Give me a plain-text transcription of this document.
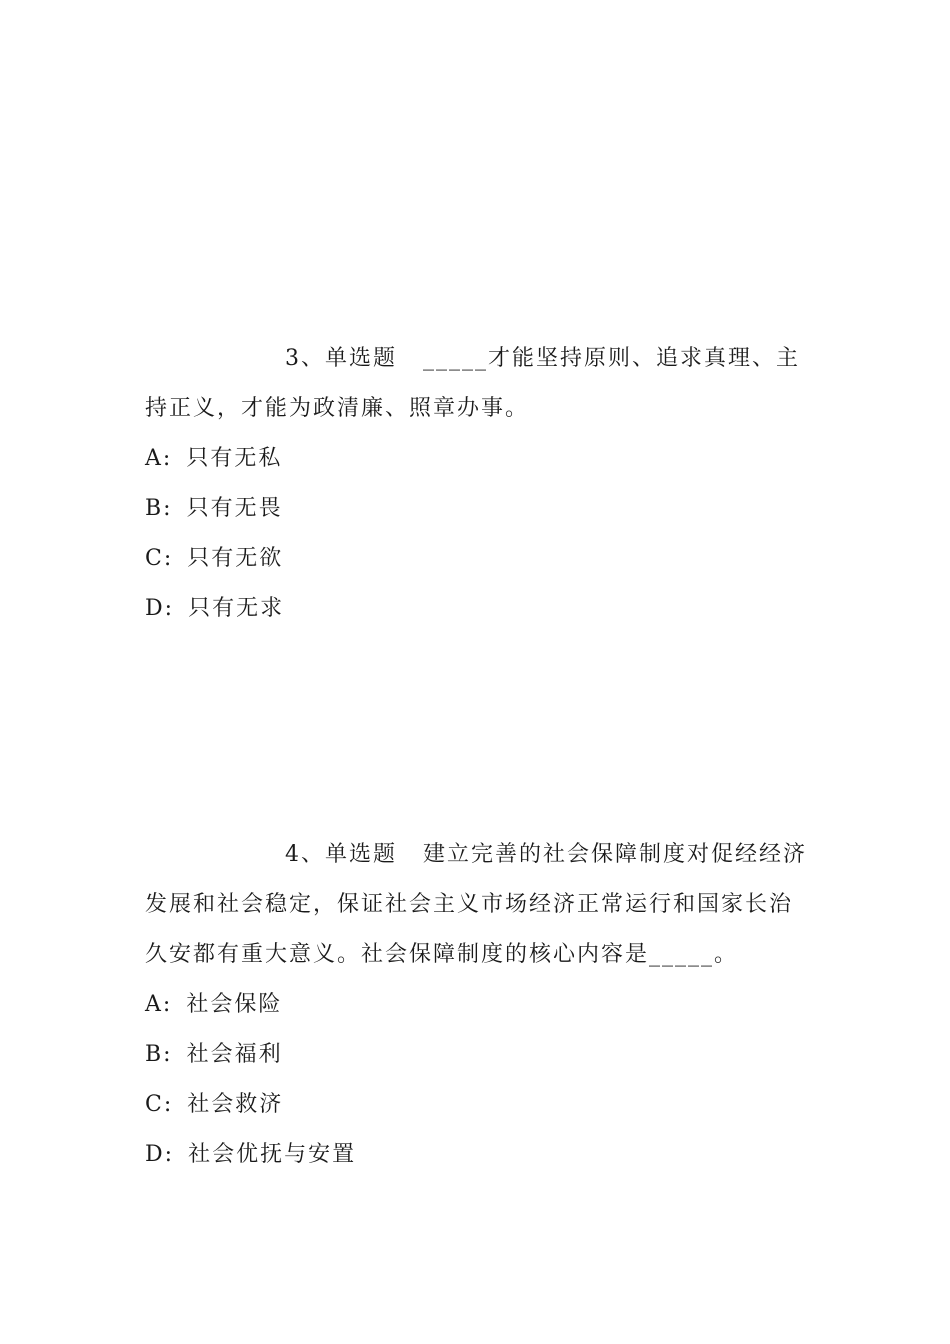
3、单选题 _____才能坚持原则、追求真理、主持正义，才能为政清廉、照章办事。

A: 只有无私
B: 只有无畏
C: 只有无欲
D: 只有无求

4、单选题 建立完善的社会保障制度对促经经济发展和社会稳定，保证社会主义市场经济正常运行和国家长治久安都有重大意义。社会保障制度的核心内容是_____。

A: 社会保险
B: 社会福利
C: 社会救济
D: 社会优抚与安置
